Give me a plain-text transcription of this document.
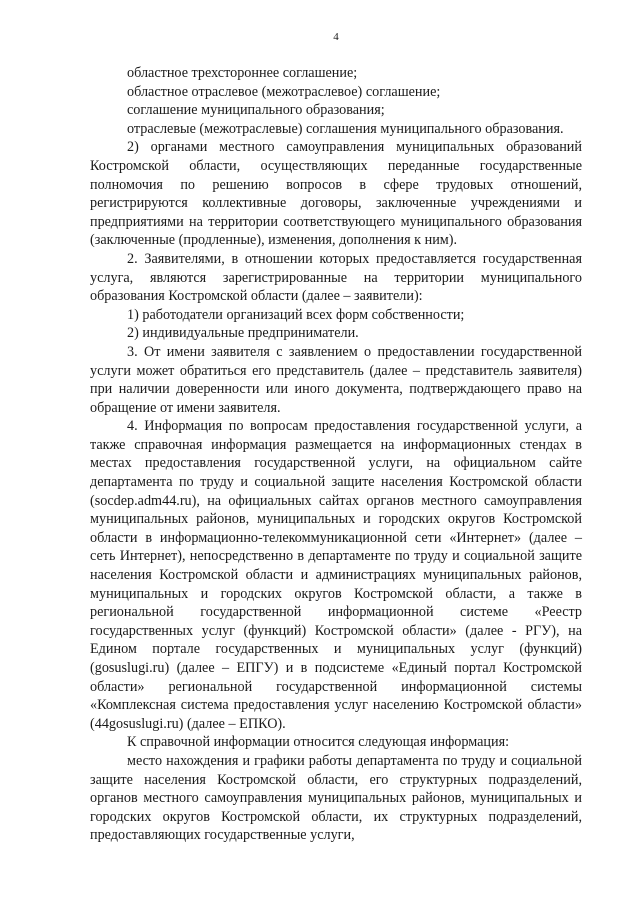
4

областное трехстороннее соглашение;

областное отраслевое (межотраслевое) соглашение;

соглашение муниципального образования;

отраслевые (межотраслевые) соглашения муниципального образования.

2) органами местного самоуправления муниципальных образований Костромской области, осуществляющих переданные государственные полномочия по решению вопросов в сфере трудовых отношений, регистрируются коллективные договоры, заключенные учреждениями и предприятиями на территории соответствующего муниципального образования (заключенные (продленные), изменения, дополнения к ним).

2. Заявителями, в отношении которых предоставляется государственная услуга, являются зарегистрированные на территории муниципального образования Костромской области (далее – заявители):

1) работодатели организаций всех форм собственности;

2) индивидуальные предприниматели.

3. От имени заявителя с заявлением о предоставлении государственной услуги может обратиться его представитель (далее – представитель заявителя) при наличии доверенности или иного документа, подтверждающего право на обращение от имени заявителя.

4. Информация по вопросам предоставления государственной услуги, а также справочная информация размещается на информационных стендах в местах предоставления государственной услуги, на официальном сайте департамента по труду и социальной защите населения Костромской области (socdep.adm44.ru), на официальных сайтах органов местного самоуправления муниципальных районов, муниципальных и городских округов Костромской области в информационно-телекоммуникационной сети «Интернет» (далее – сеть Интернет), непосредственно в департаменте по труду и социальной защите населения Костромской области и администрациях муниципальных районов, муниципальных и городских округов Костромской области, а также в региональной государственной информационной системе «Реестр государственных услуг (функций) Костромской области» (далее - РГУ), на Едином портале государственных и муниципальных услуг (функций) (gosuslugi.ru) (далее – ЕПГУ) и в подсистеме «Единый портал Костромской области» региональной государственной информационной системы «Комплексная система предоставления услуг населению Костромской области» (44gosuslugi.ru) (далее – ЕПКО).

К справочной информации относится следующая информация:

место нахождения и графики работы департамента по труду и социальной защите населения Костромской области, его структурных подразделений, органов местного самоуправления муниципальных районов, муниципальных и городских округов Костромской области, их структурных подразделений, предоставляющих государственные услуги,
